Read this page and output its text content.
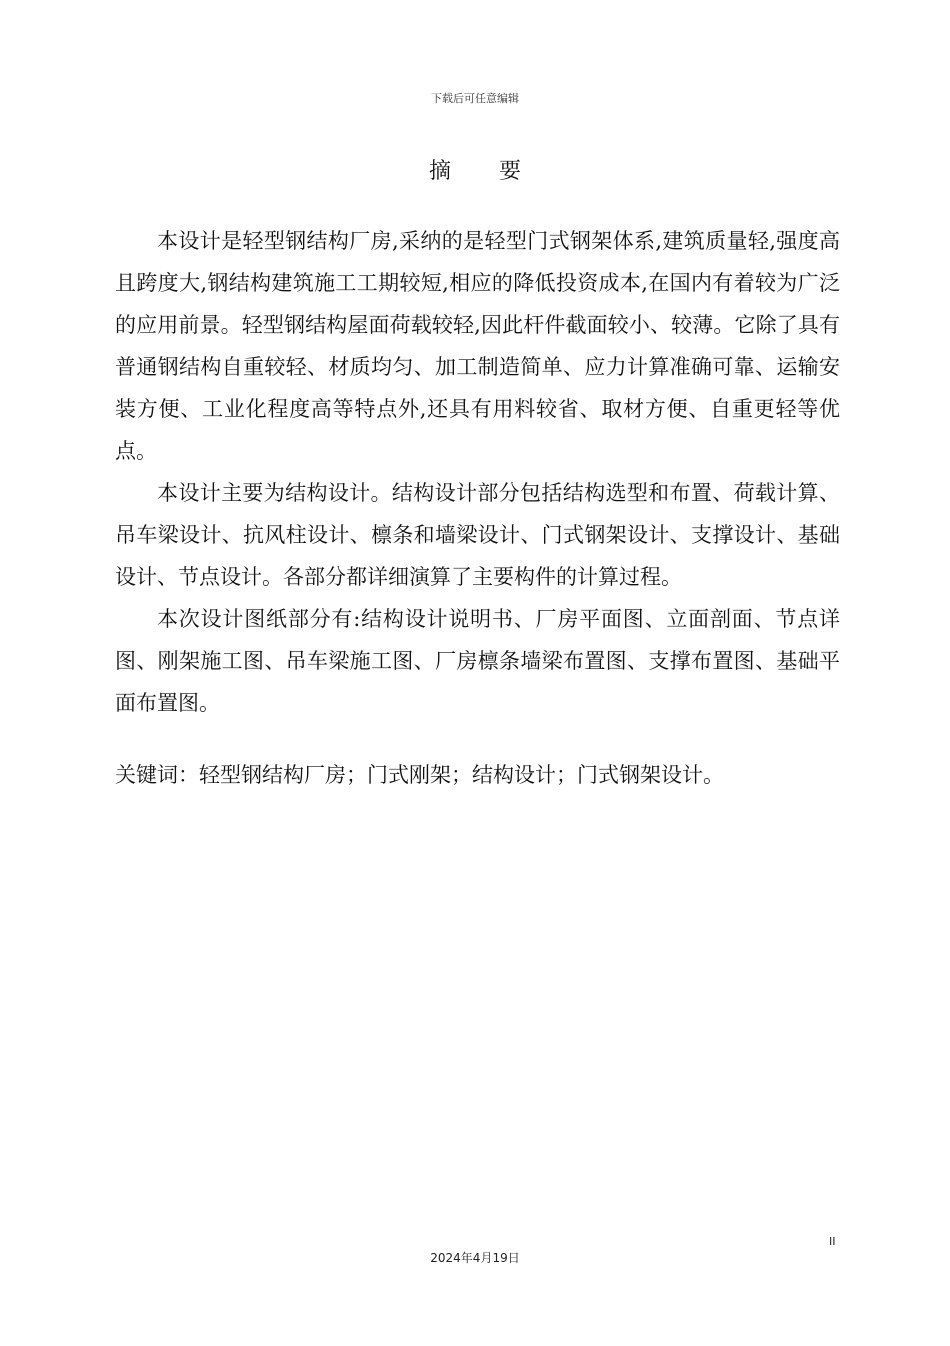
下载后可任意编辑
摘要

本设计是轻型钢结构厂房,采纳的是轻型门式钢架体系,建筑质量轻,强度高且跨度大,钢结构建筑施工工期较短,相应的降低投资成本,在国内有着较为广泛的应用前景。轻型钢结构屋面荷载较轻,因此杆件截面较小、较薄。它除了具有普通钢结构自重较轻、材质均匀、加工制造简单、应力计算准确可靠、运输安装方便、工业化程度高等特点外,还具有用料较省、取材方便、自重更轻等优点。

本设计主要为结构设计。结构设计部分包括结构选型和布置、荷载计算、吊车梁设计、抗风柱设计、檩条和墙梁设计、门式钢架设计、支撑设计、基础设计、节点设计。各部分都详细演算了主要构件的计算过程。

本次设计图纸部分有:结构设计说明书、厂房平面图、立面剖面、节点详图、刚架施工图、吊车梁施工图、厂房檩条墙梁布置图、支撑布置图、基础平面布置图。

关键词：轻型钢结构厂房；门式刚架；结构设计；门式钢架设计。

II
2024年4月19日
